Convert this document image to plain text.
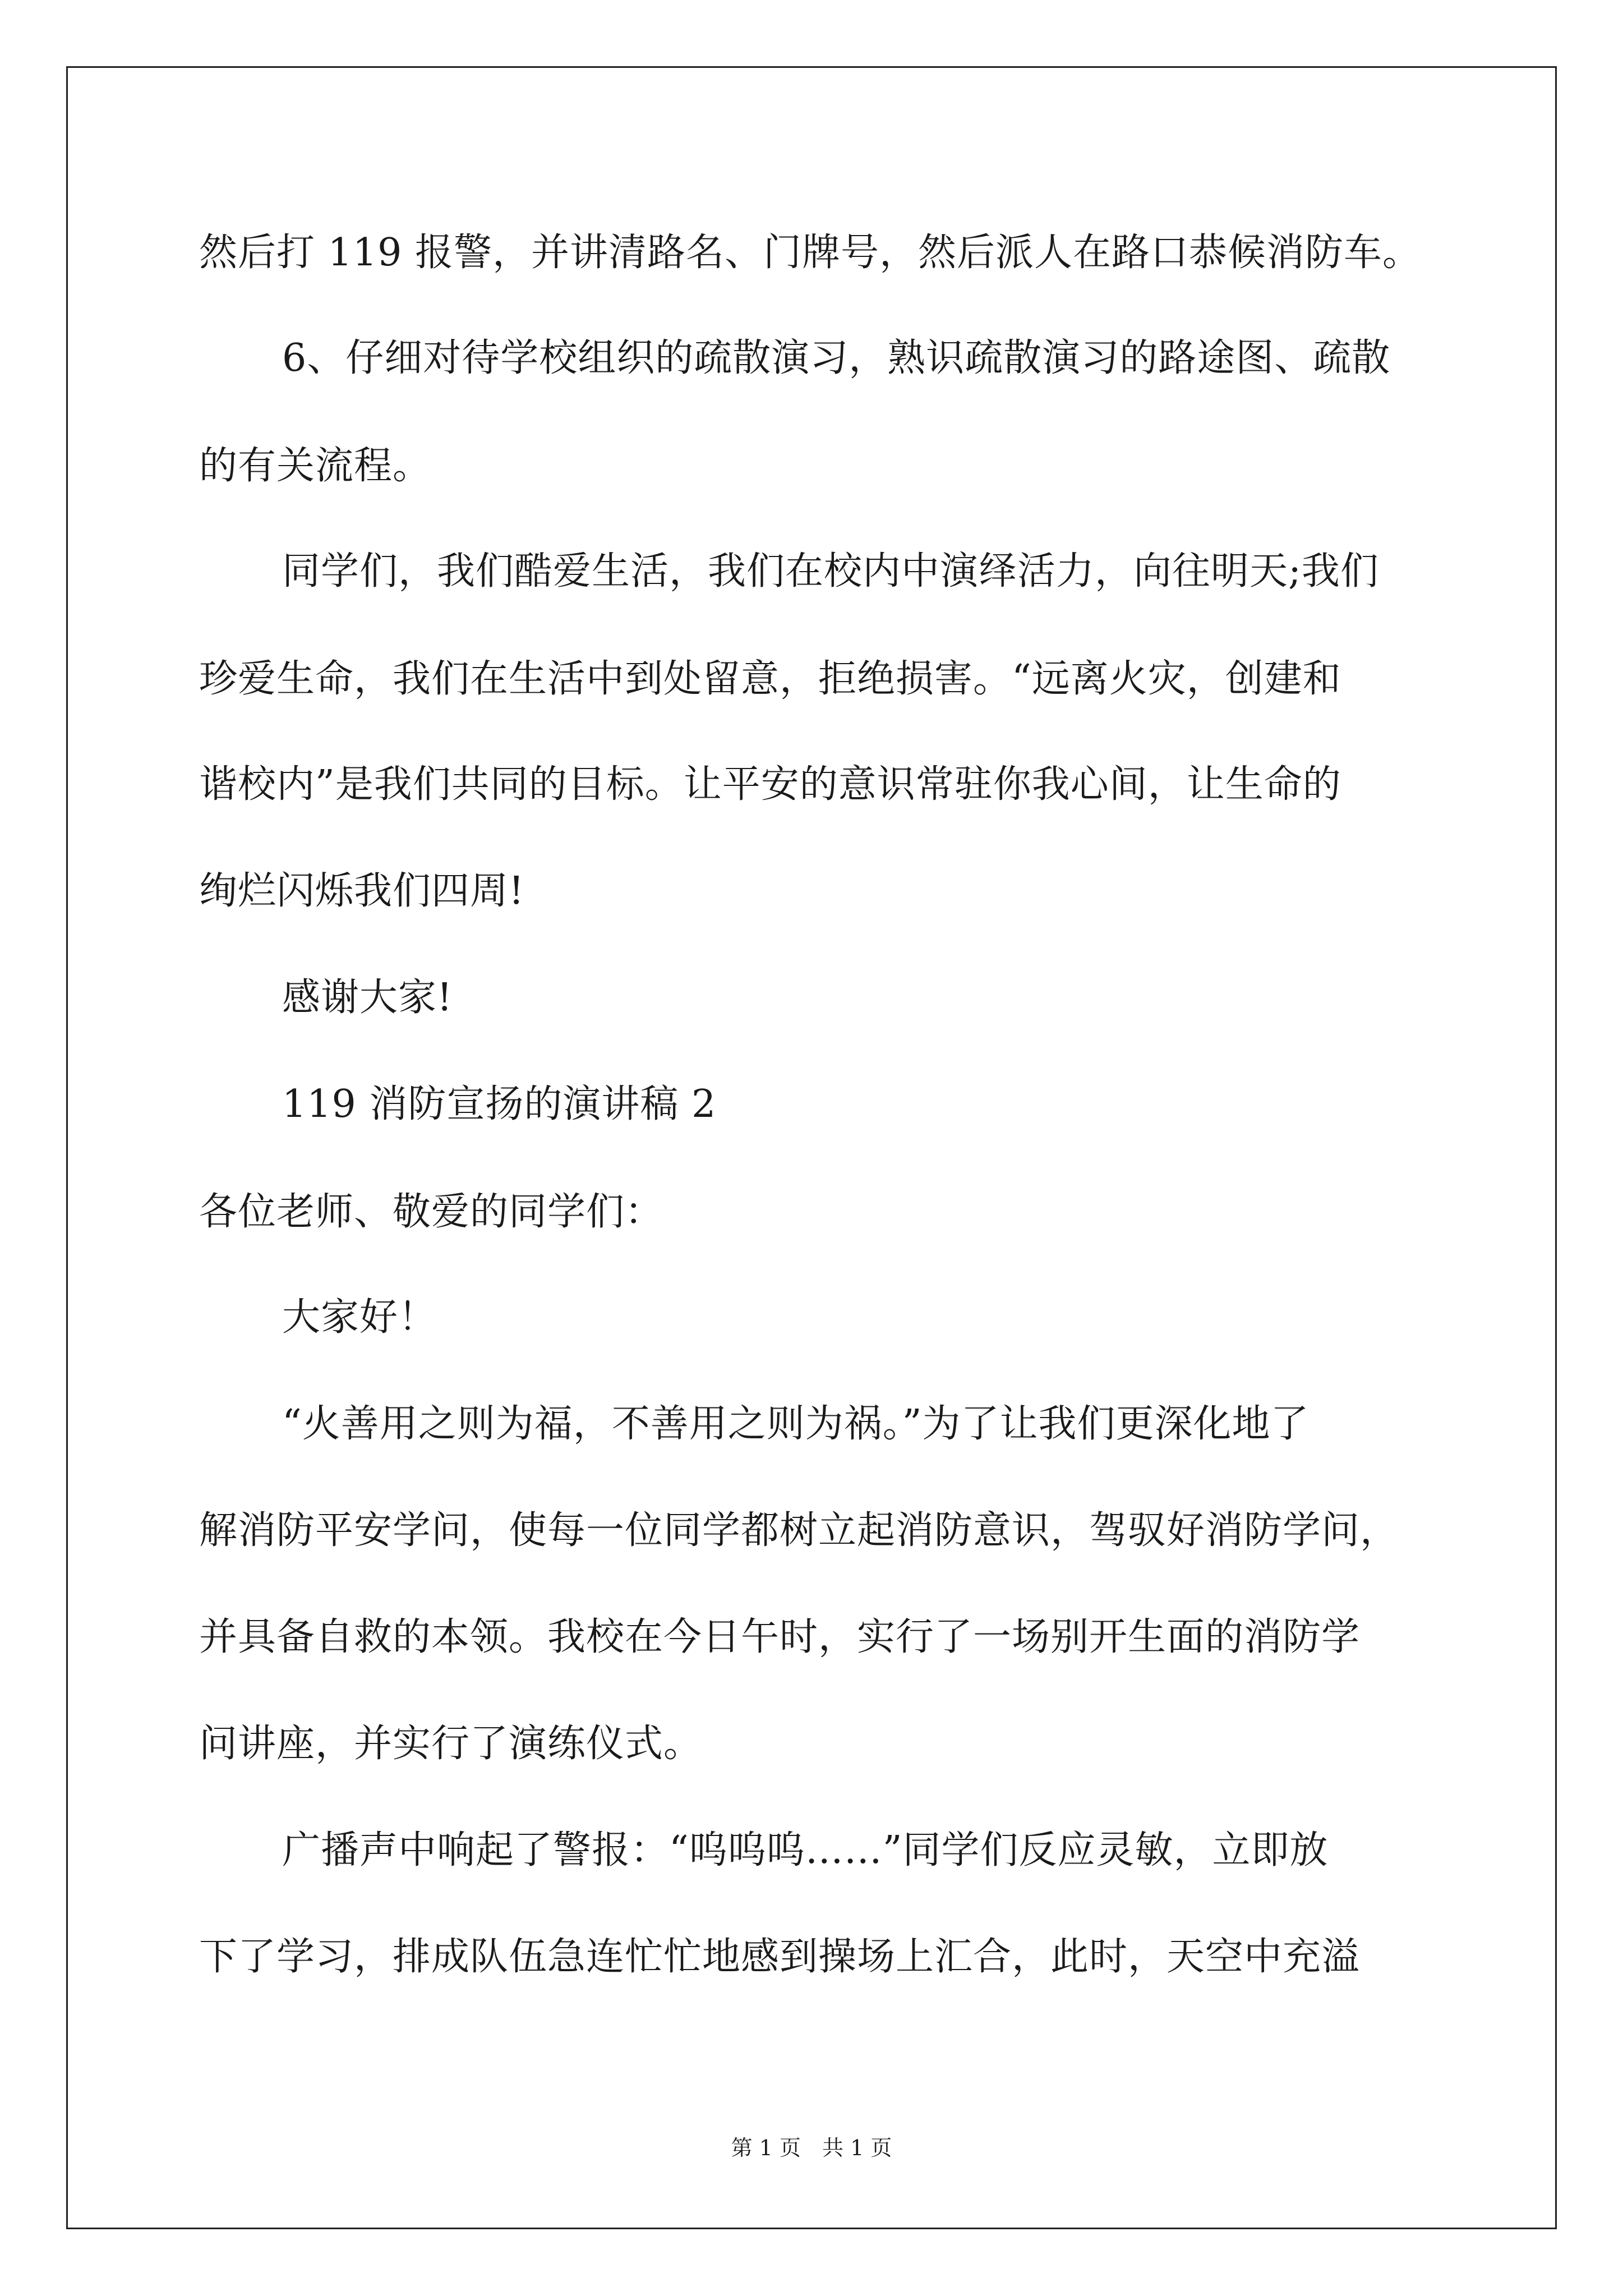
然后打 119 报警，并讲清路名、门牌号，然后派人在路口恭候消防车。
6、仔细对待学校组织的疏散演习，熟识疏散演习的路途图、疏散
的有关流程。
同学们，我们酷爱生活，我们在校内中演绎活力，向往明天;我们
珍爱生命，我们在生活中到处留意，拒绝损害。“远离火灾，创建和
谐校内”是我们共同的目标。让平安的意识常驻你我心间，让生命的
绚烂闪烁我们四周!
感谢大家!
119 消防宣扬的演讲稿 2
各位老师、敬爱的同学们：
大家好！
“火善用之则为福，不善用之则为祸。”为了让我们更深化地了
解消防平安学问，使每一位同学都树立起消防意识，驾驭好消防学问，
并具备自救的本领。我校在今日午时，实行了一场别开生面的消防学
问讲座，并实行了演练仪式。
广播声中响起了警报：“呜呜呜……”同学们反应灵敏，立即放
下了学习，排成队伍急连忙忙地感到操场上汇合，此时，天空中充溢
第 1 页　共 1 页
